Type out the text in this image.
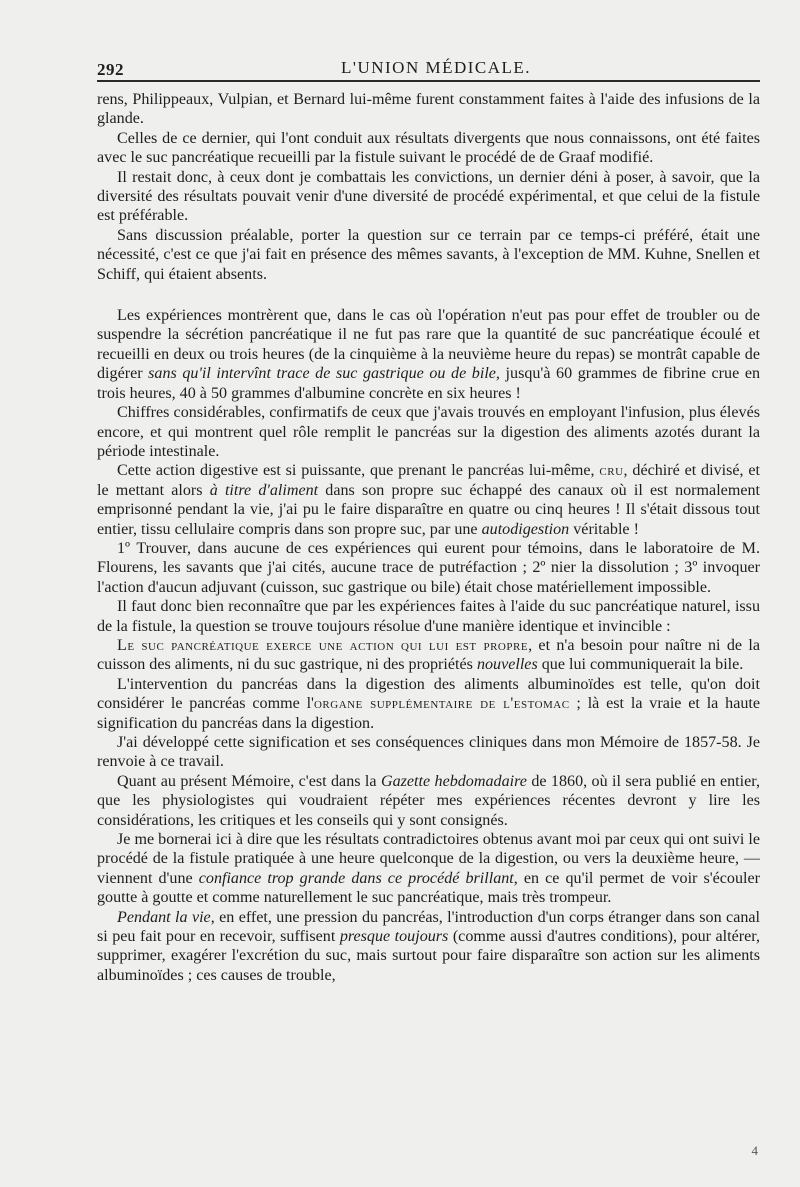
292	L'UNION MÉDICALE.

rens, Philippeaux, Vulpian, et Bernard lui-même furent constamment faites à l'aide des infusions de la glande.

Celles de ce dernier, qui l'ont conduit aux résultats divergents que nous connaissons, ont été faites avec le suc pancréatique recueilli par la fistule suivant le procédé de de Graaf modifié.

Il restait donc, à ceux dont je combattais les convictions, un dernier déni à poser, à savoir, que la diversité des résultats pouvait venir d'une diversité de procédé expérimental, et que celui de la fistule est préférable.

Sans discussion préalable, porter la question sur ce terrain par ce temps-ci préféré, était une nécessité, c'est ce que j'ai fait en présence des mêmes savants, à l'exception de MM. Kuhne, Snellen et Schiff, qui étaient absents.

Les expériences montrèrent que, dans le cas où l'opération n'eut pas pour effet de troubler ou de suspendre la sécrétion pancréatique il ne fut pas rare que la quantité de suc pancréatique écoulé et recueilli en deux ou trois heures (de la cinquième à la neuvième heure du repas) se montrât capable de digérer sans qu'il intervînt trace de suc gastrique ou de bile, jusqu'à 60 grammes de fibrine crue en trois heures, 40 à 50 grammes d'albumine concrète en six heures !

Chiffres considérables, confirmatifs de ceux que j'avais trouvés en employant l'infusion, plus élevés encore, et qui montrent quel rôle remplit le pancréas sur la digestion des aliments azotés durant la période intestinale.

Cette action digestive est si puissante, que prenant le pancréas lui-même, cru, déchiré et divisé, et le mettant alors à titre d'aliment dans son propre suc échappé des canaux où il est normalement emprisonné pendant la vie, j'ai pu le faire disparaître en quatre ou cinq heures ! Il s'était dissous tout entier, tissu cellulaire compris dans son propre suc, par une autodigestion véritable !

1º Trouver, dans aucune de ces expériences qui eurent pour témoins, dans le laboratoire de M. Flourens, les savants que j'ai cités, aucune trace de putréfaction ; 2º nier la dissolution ; 3º invoquer l'action d'aucun adjuvant (cuisson, suc gastrique ou bile) était chose matériellement impossible.

Il faut donc bien reconnaître que par les expériences faites à l'aide du suc pancréatique naturel, issu de la fistule, la question se trouve toujours résolue d'une manière identique et invincible :

Le suc pancréatique exerce une action qui lui est propre, et n'a besoin pour naître ni de la cuisson des aliments, ni du suc gastrique, ni des propriétés nouvelles que lui communiquerait la bile.

L'intervention du pancréas dans la digestion des aliments albuminoïdes est telle, qu'on doit considérer le pancréas comme l'organe supplémentaire de l'estomac ; là est la vraie et la haute signification du pancréas dans la digestion.

J'ai développé cette signification et ses conséquences cliniques dans mon Mémoire de 1857-58. Je renvoie à ce travail.

Quant au présent Mémoire, c'est dans la Gazette hebdomadaire de 1860, où il sera publié en entier, que les physiologistes qui voudraient répéter mes expériences récentes devront y lire les considérations, les critiques et les conseils qui y sont consignés.

Je me bornerai ici à dire que les résultats contradictoires obtenus avant moi par ceux qui ont suivi le procédé de la fistule pratiquée à une heure quelconque de la digestion, ou vers la deuxième heure, — viennent d'une confiance trop grande dans ce procédé brillant, en ce qu'il permet de voir s'écouler goutte à goutte et comme naturellement le suc pancréatique, mais très trompeur.

Pendant la vie, en effet, une pression du pancréas, l'introduction d'un corps étranger dans son canal si peu fait pour en recevoir, suffisent presque toujours (comme aussi d'autres conditions), pour altérer, supprimer, exagérer l'excrétion du suc, mais surtout pour faire disparaître son action sur les aliments albuminoïdes ; ces causes de trouble,

4
